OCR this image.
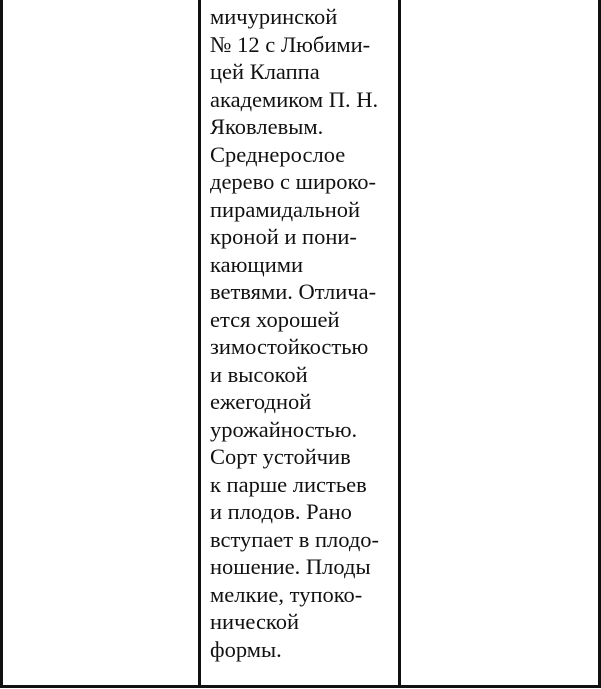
мичуринской
№ 12 с Любими-
цей Клаппа
академиком П. Н.
Яковлевым.
Среднерослое
дерево с широко-
пирамидальной
кроной и пони-
кающими
ветвями. Отлича-
ется хорошей
зимостойкостью
и высокой
ежегодной
урожайностью.
Сорт устойчив
к парше листьев
и плодов. Рано
вступает в плодо-
ношение. Плоды
мелкие, тупоко-
нической
формы.
